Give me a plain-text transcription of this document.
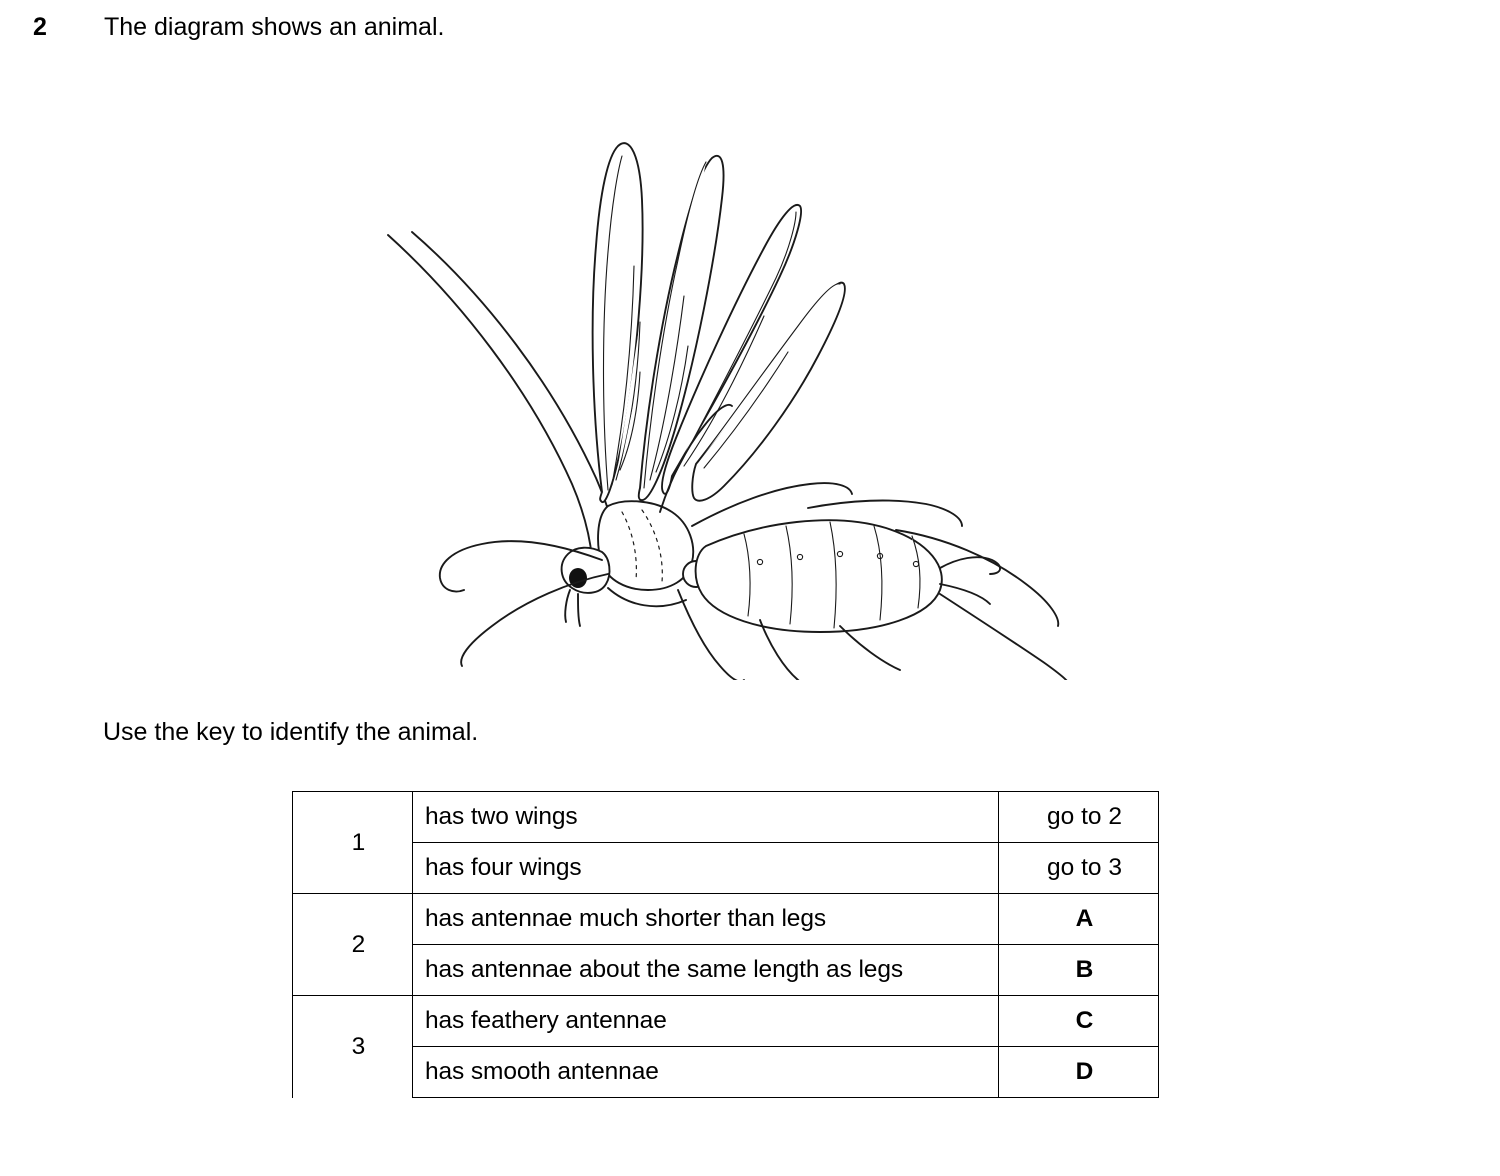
2	The diagram shows an animal.
Use the key to identify the animal.
1	has two wings	go to 2
	has four wings	go to 3
2	has antennae much shorter than legs	A
	has antennae about the same length as legs	B
3	has feathery antennae	C
	has smooth antennae	D
